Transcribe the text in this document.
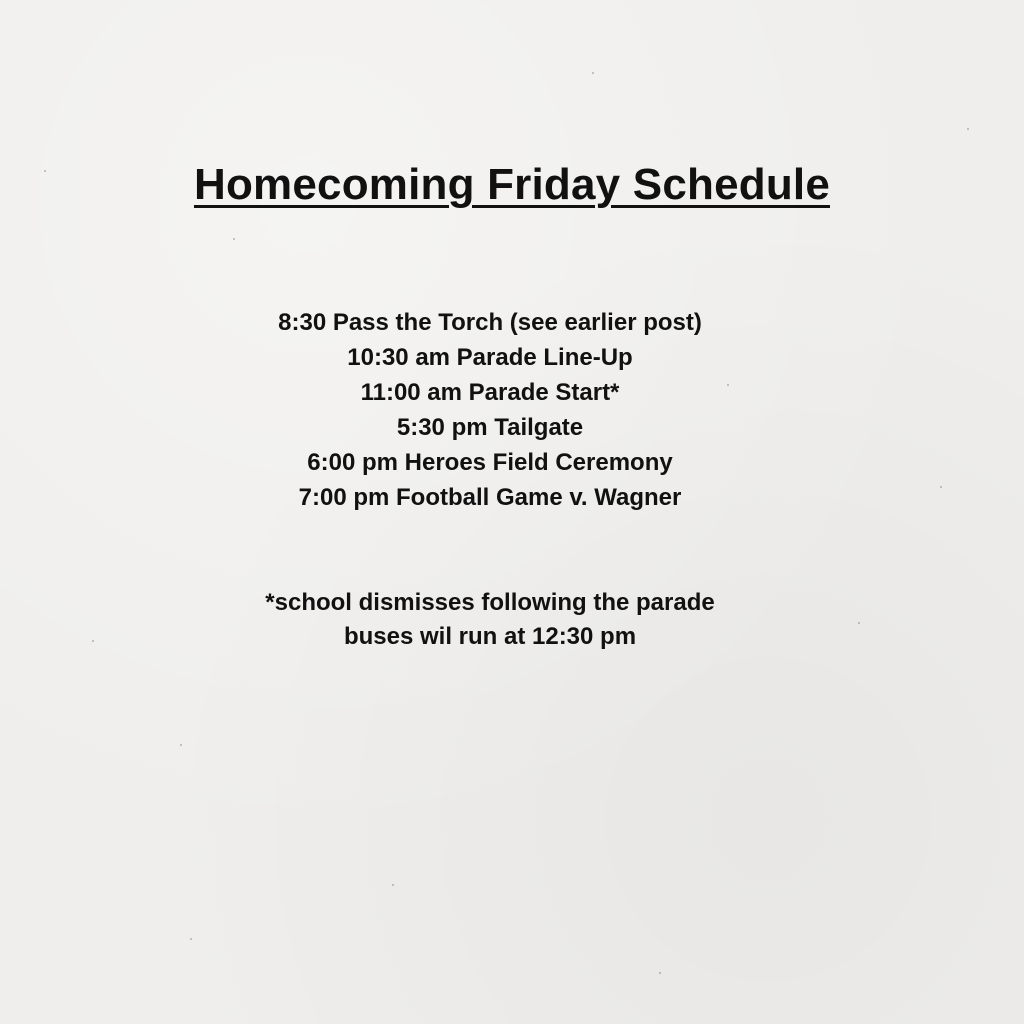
Homecoming Friday Schedule
8:30 Pass the Torch (see earlier post)
10:30 am Parade Line-Up
11:00 am Parade Start*
5:30 pm Tailgate
6:00 pm Heroes Field Ceremony
7:00 pm Football Game v. Wagner

*school dismisses following the parade

buses wil run at 12:30 pm
